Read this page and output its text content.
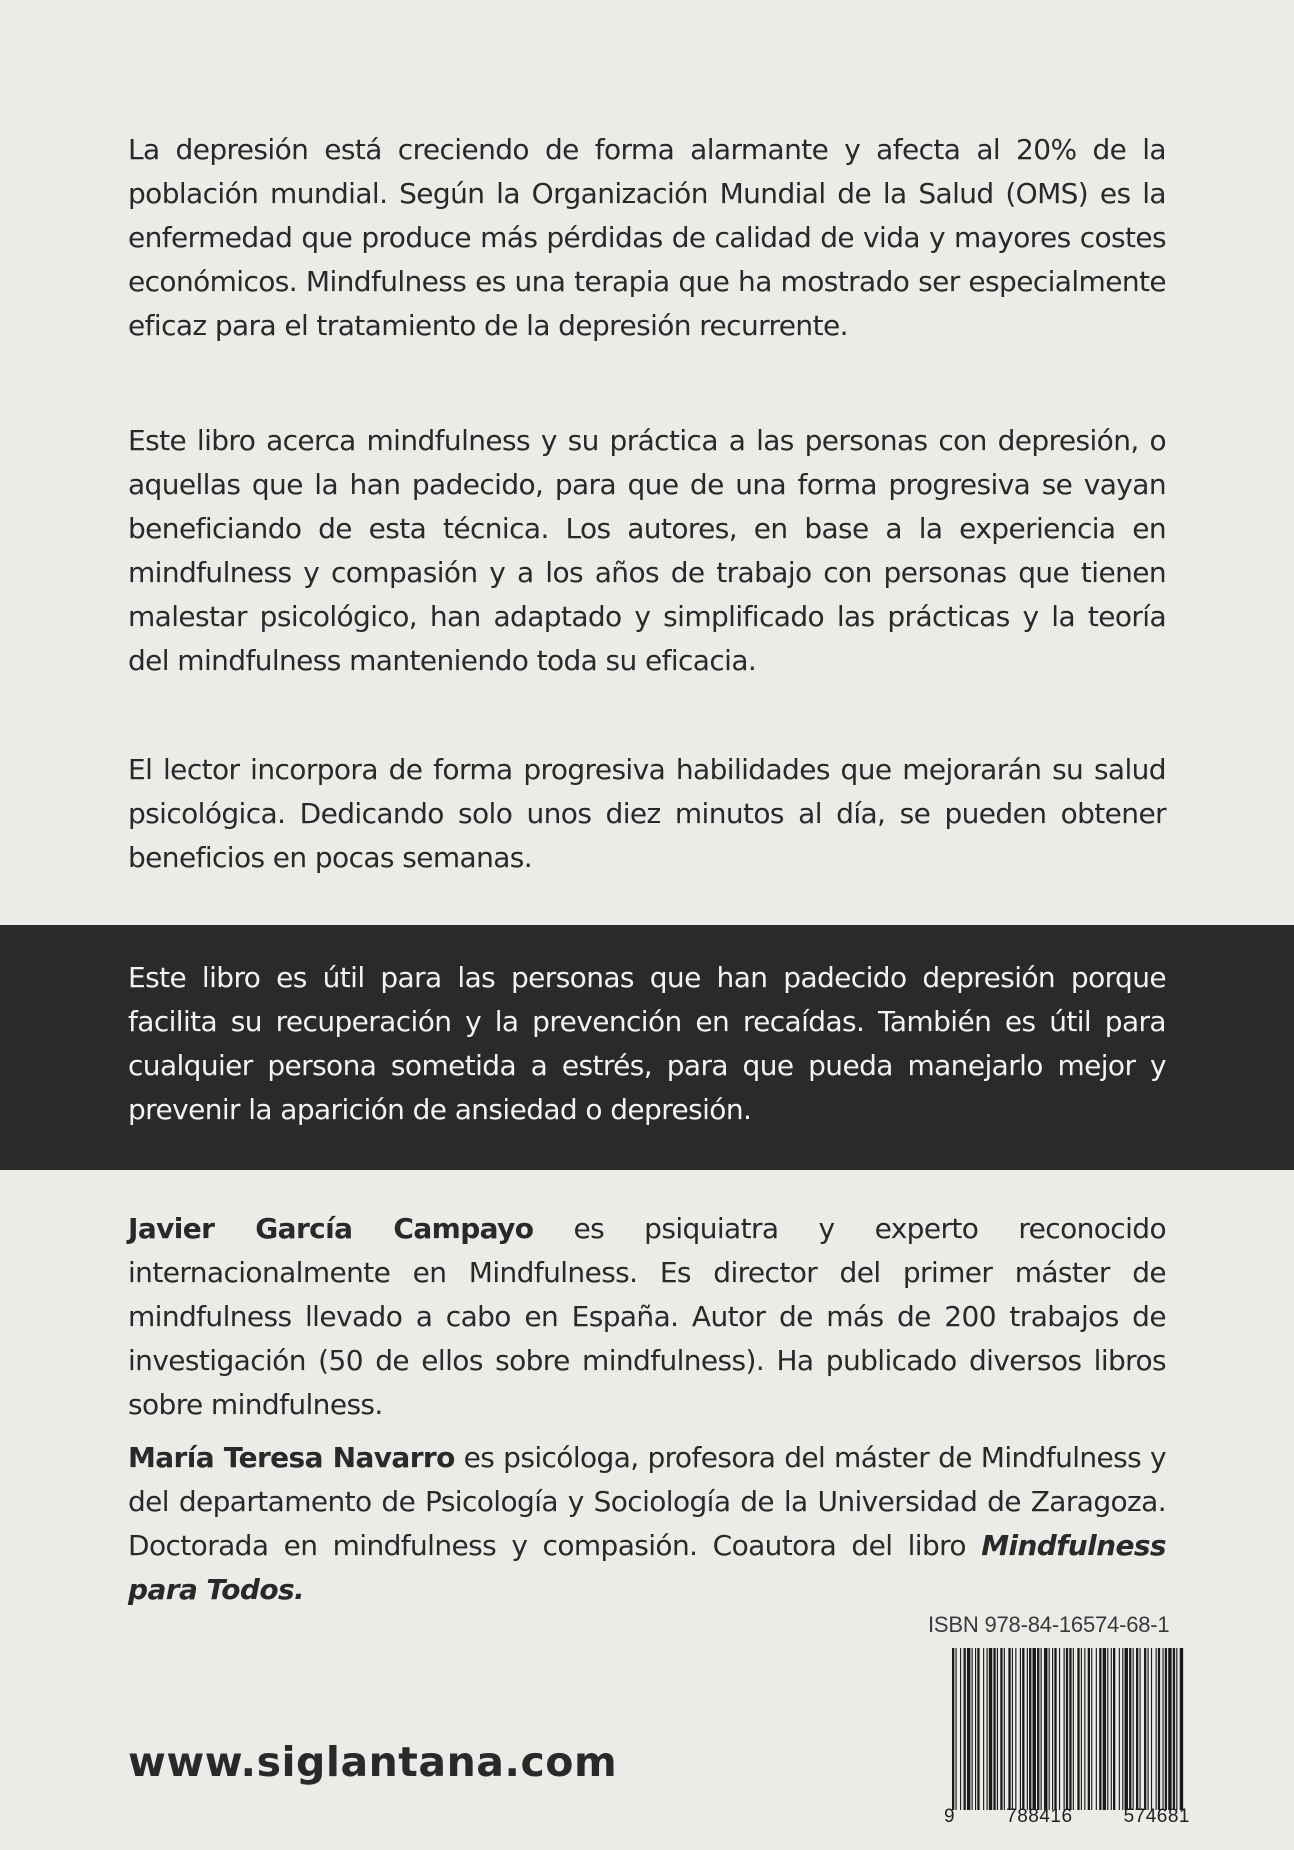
La depresión está creciendo de forma alarmante y afecta al 20% de la población mundial. Según la Organización Mundial de la Salud (OMS) es la enfermedad que produce más pérdidas de calidad de vida y mayores costes económicos. Mindfulness es una terapia que ha mostrado ser especialmente eficaz para el tratamiento de la depresión recurrente.

Este libro acerca mindfulness y su práctica a las personas con depresión, o aquellas que la han padecido, para que de una forma progresiva se vayan beneficiando de esta técnica. Los autores, en base a la experiencia en mindfulness y compasión y a los años de trabajo con personas que tienen malestar psicológico, han adaptado y simplificado las prácticas y la teoría del mindfulness manteniendo toda su eficacia.

El lector incorpora de forma progresiva habilidades que mejorarán su salud psicológica. Dedicando solo unos diez minutos al día, se pueden obtener beneficios en pocas semanas.

Este libro es útil para las personas que han padecido depresión porque facilita su recuperación y la prevención en recaídas. También es útil para cualquier persona sometida a estrés, para que pueda manejarlo mejor y prevenir la aparición de ansiedad o depresión.

Javier García Campayo es psiquiatra y experto reconocido internacionalmente en Mindfulness. Es director del primer máster de mindfulness llevado a cabo en España. Autor de más de 200 trabajos de investigación (50 de ellos sobre mindfulness). Ha publicado diversos libros sobre mindfulness.

María Teresa Navarro es psicóloga, profesora del máster de Mindfulness y del departamento de Psicología y Sociología de la Universidad de Zaragoza. Doctorada en mindfulness y compasión. Coautora del libro Mindfulness para Todos.

ISBN 978-84-16574-68-1
9	788416	574681
www.siglantana.com
